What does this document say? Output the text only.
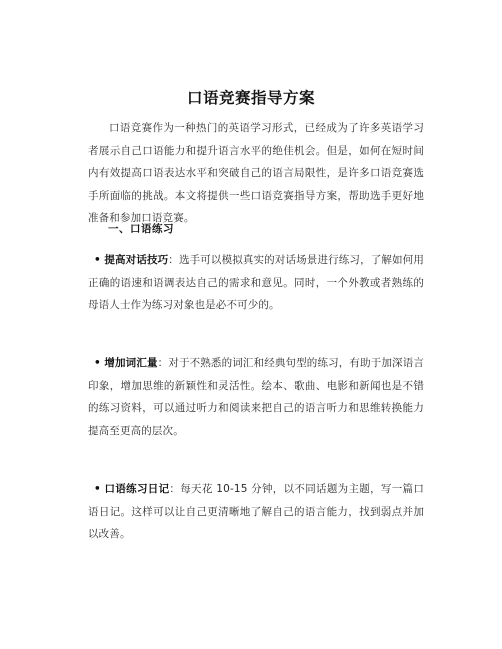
口语竞赛指导方案

口语竞赛作为一种热门的英语学习形式，已经成为了许多英语学习者展示自己口语能力和提升语言水平的绝佳机会。但是，如何在短时间内有效提高口语表达水平和突破自己的语言局限性，是许多口语竞赛选手所面临的挑战。本文将提供一些口语竞赛指导方案，帮助选手更好地准备和参加口语竞赛。

一、口语练习

• 提高对话技巧：选手可以模拟真实的对话场景进行练习，了解如何用正确的语速和语调表达自己的需求和意见。同时，一个外教或者熟练的母语人士作为练习对象也是必不可少的。

• 增加词汇量：对于不熟悉的词汇和经典句型的练习，有助于加深语言印象，增加思维的新颖性和灵活性。绘本、歌曲、电影和新闻也是不错的练习资料，可以通过听力和阅读来把自己的语言听力和思维转换能力提高至更高的层次。

• 口语练习日记：每天花 10-15 分钟，以不同话题为主题，写一篇口语日记。这样可以让自己更清晰地了解自己的语言能力，找到弱点并加以改善。
